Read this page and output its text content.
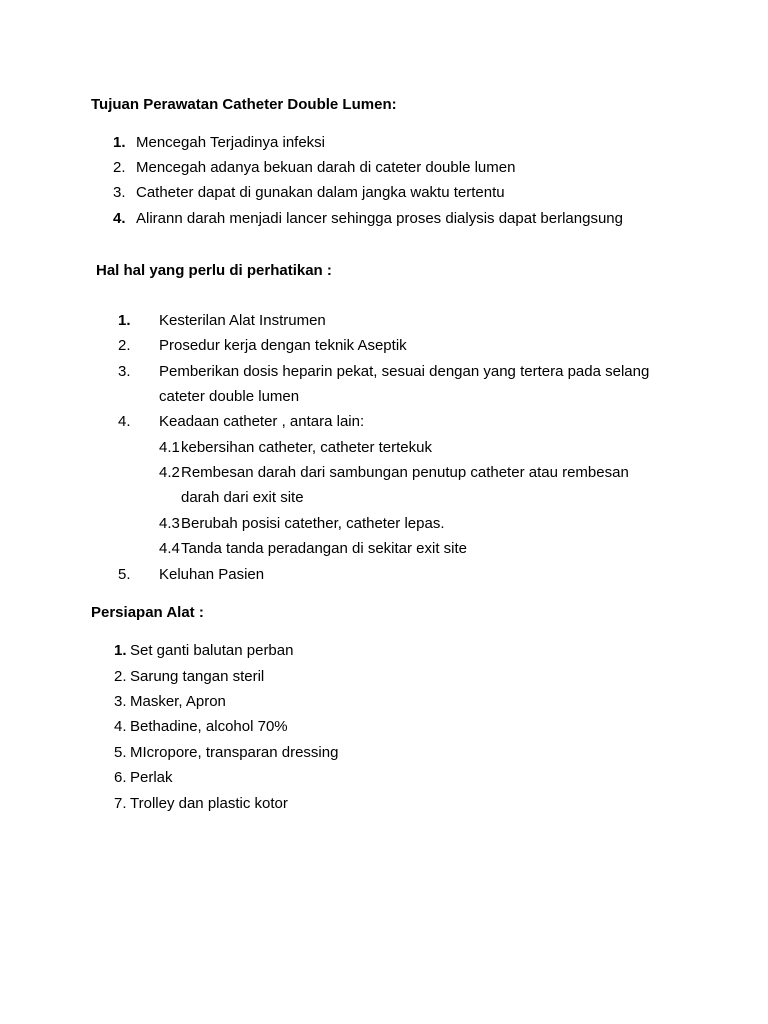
Tujuan Perawatan Catheter Double Lumen:
1. Mencegah Terjadinya infeksi
2. Mencegah adanya bekuan darah di cateter double lumen
3. Catheter dapat di gunakan dalam jangka waktu tertentu
4. Alirann darah menjadi lancer sehingga proses dialysis dapat berlangsung
Hal hal yang perlu di perhatikan :
1. Kesterilan Alat Instrumen
2. Prosedur kerja dengan teknik Aseptik
3. Pemberikan dosis heparin pekat, sesuai dengan yang tertera pada selang
cateter double lumen
4. Keadaan catheter , antara lain:
4.1 kebersihan catheter, catheter tertekuk
4.2 Rembesan darah dari sambungan penutup catheter atau rembesan
darah dari exit site
4.3 Berubah posisi catether, catheter lepas.
4.4 Tanda tanda peradangan di sekitar exit site
5. Keluhan Pasien
Persiapan Alat :
1. Set ganti balutan perban
2. Sarung tangan steril
3. Masker, Apron
4. Bethadine, alcohol 70%
5. MIcropore, transparan dressing
6. Perlak
7. Trolley dan plastic kotor
